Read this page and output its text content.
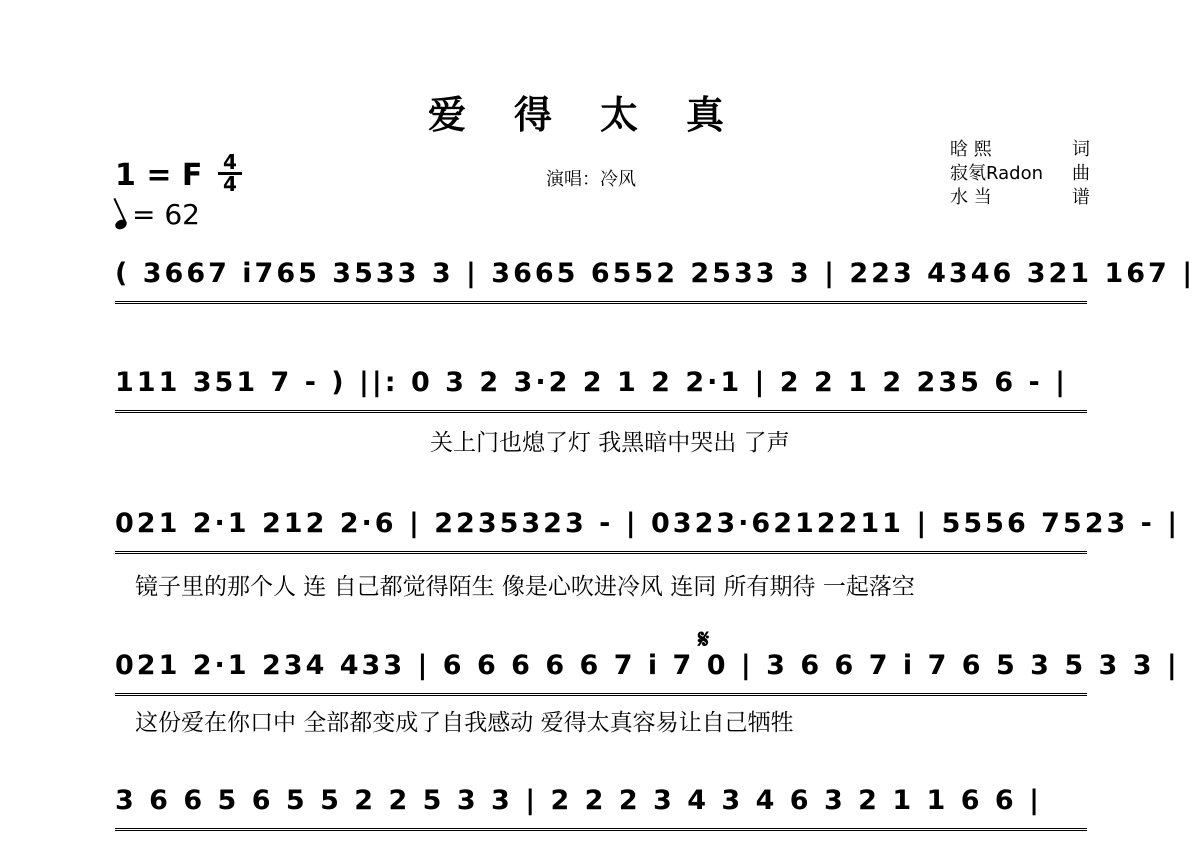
爱得太真
演唱：冷风
晗 熙	词
寂氡Radon 曲
水 当	谱
1 = F $\frac{4}{4}$
= 62
( 3667 i765 3533 3 | 3665 6552 2533 3 | 223 4346 321 167 |
111 351 7 - ) ||: 0 3 2 3·2 2 1 2 2·1 | 2 2 1 2 235 6 - |
关上门也熄了灯 我黑暗中哭出 了声
021 2·1 212 2·6 | 2235323 - | 0323·6212211 | 5556 7523 - |
镜子里的那个人 连 自己都觉得陌生 像是心吹进冷风 连同 所有期待 一起落空
𝄋
021 2·1 234 433 | 6 6 6 6 6 7 i 7 0 | 3 6 6 7 i 7 6 5 3 5 3 3 |
这份爱在你口中 全部都变成了自我感动 爱得太真容易让自己牺牲
3 6 6 5 6 5 5 2 2 5 3 3 | 2 2 2 3 4 3 4 6 3 2 1 1 6 6 |
